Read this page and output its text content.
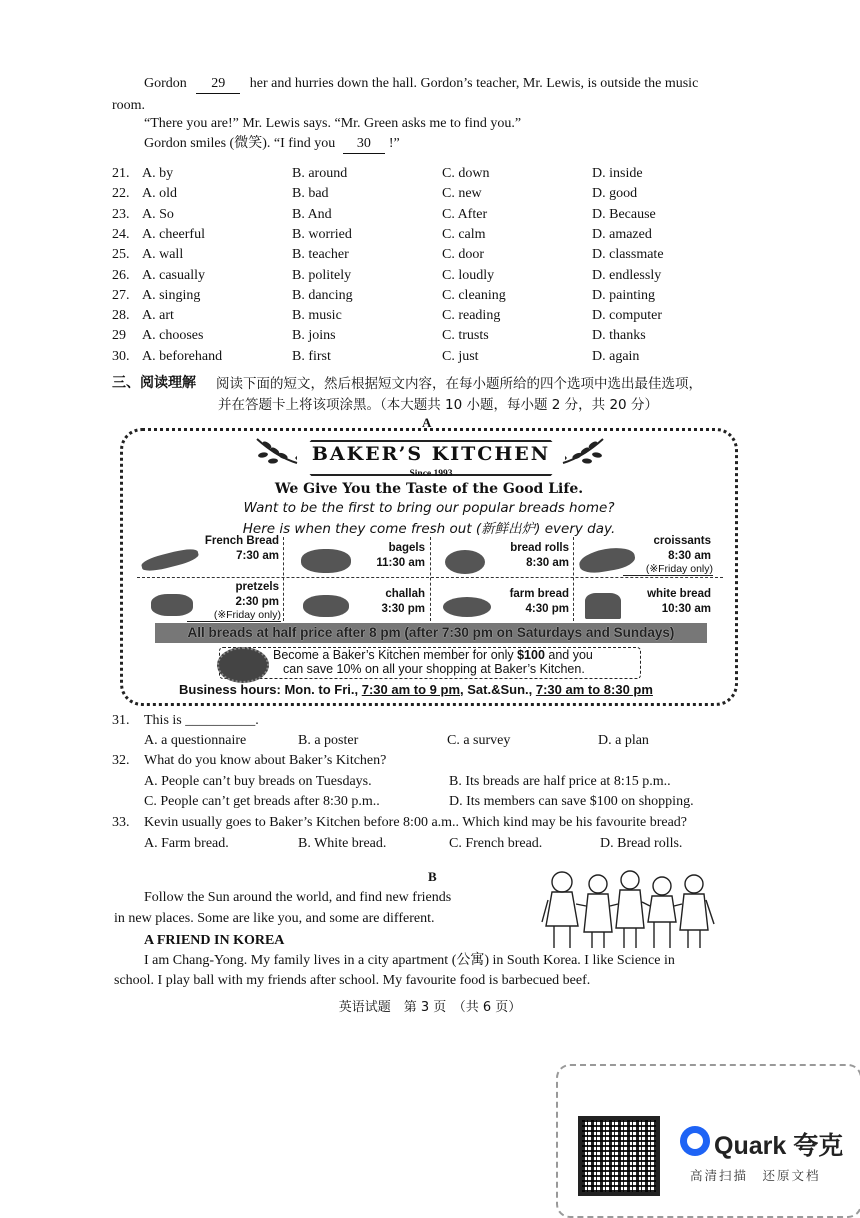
Gordon 29 her and hurries down the hall. Gordon’s teacher, Mr. Lewis, is outside the music
room.
“There you are!” Mr. Lewis says. “Mr. Green asks me to find you.”
Gordon smiles (微笑). “I find you 30 !”
21. A. by	B. around	C. down	D. inside
22. A. old	B. bad	C. new	D. good
23. A. So	B. And	C. After	D. Because
24. A. cheerful	B. worried	C. calm	D. amazed
25. A. wall	B. teacher	C. door	D. classmate
26. A. casually	B. politely	C. loudly	D. endlessly
27. A. singing	B. dancing	C. cleaning	D. painting
28. A. art	B. music	C. reading	D. computer
29 A. chooses	B. joins	C. trusts	D. thanks
30. A. beforehand	B. first	C. just	D. again
三、阅读理解 阅读下面的短文，然后根据短文内容，在每小题所给的四个选项中选出最佳选项，
并在答题卡上将该项涂黑。（本大题共 10 小题，每小题 2 分，共 20 分）
A
BAKER’S KITCHEN
Since 1993
We Give You the Taste of the Good Life.
Want to be the first to bring our popular breads home?
Here is when they come fresh out (新鲜出炉) every day.
French Bread
7:30 am
bagels
11:30 am
bread rolls
8:30 am
croissants
8:30 am
(※Friday only)
pretzels
2:30 pm
(※Friday only)
challah
3:30 pm
farm bread
4:30 pm
white bread
10:30 am
All breads at half price after 8 pm (after 7:30 pm on Saturdays and Sundays)
Become a Baker’s Kitchen member for only $100 and you
can save 10% on all your shopping at Baker’s Kitchen.
Business hours: Mon. to Fri., 7:30 am to 9 pm, Sat.&Sun., 7:30 am to 8:30 pm
31. This is __________.
A. a questionnaire	B. a poster	C. a survey	D. a plan
32. What do you know about Baker’s Kitchen?
A. People can’t buy breads on Tuesdays.	B. Its breads are half price at 8:15 p.m..
C. People can’t get breads after 8:30 p.m..	D. Its members can save $100 on shopping.
33. Kevin usually goes to Baker’s Kitchen before 8:00 a.m.. Which kind may be his favourite bread?
A. Farm bread.	B. White bread.	C. French bread.	D. Bread rolls.
B
Follow the Sun around the world, and find new friends
in new places. Some are like you, and some are different.
A FRIEND IN KOREA
I am Chang-Yong. My family lives in a city apartment (公寓) in South Korea. I like Science in
school. I play ball with my friends after school. My favourite food is barbecued beef.
英语试题　第 3 页　（共 6 页）
Quark 夸克
高清扫描　还原文档
